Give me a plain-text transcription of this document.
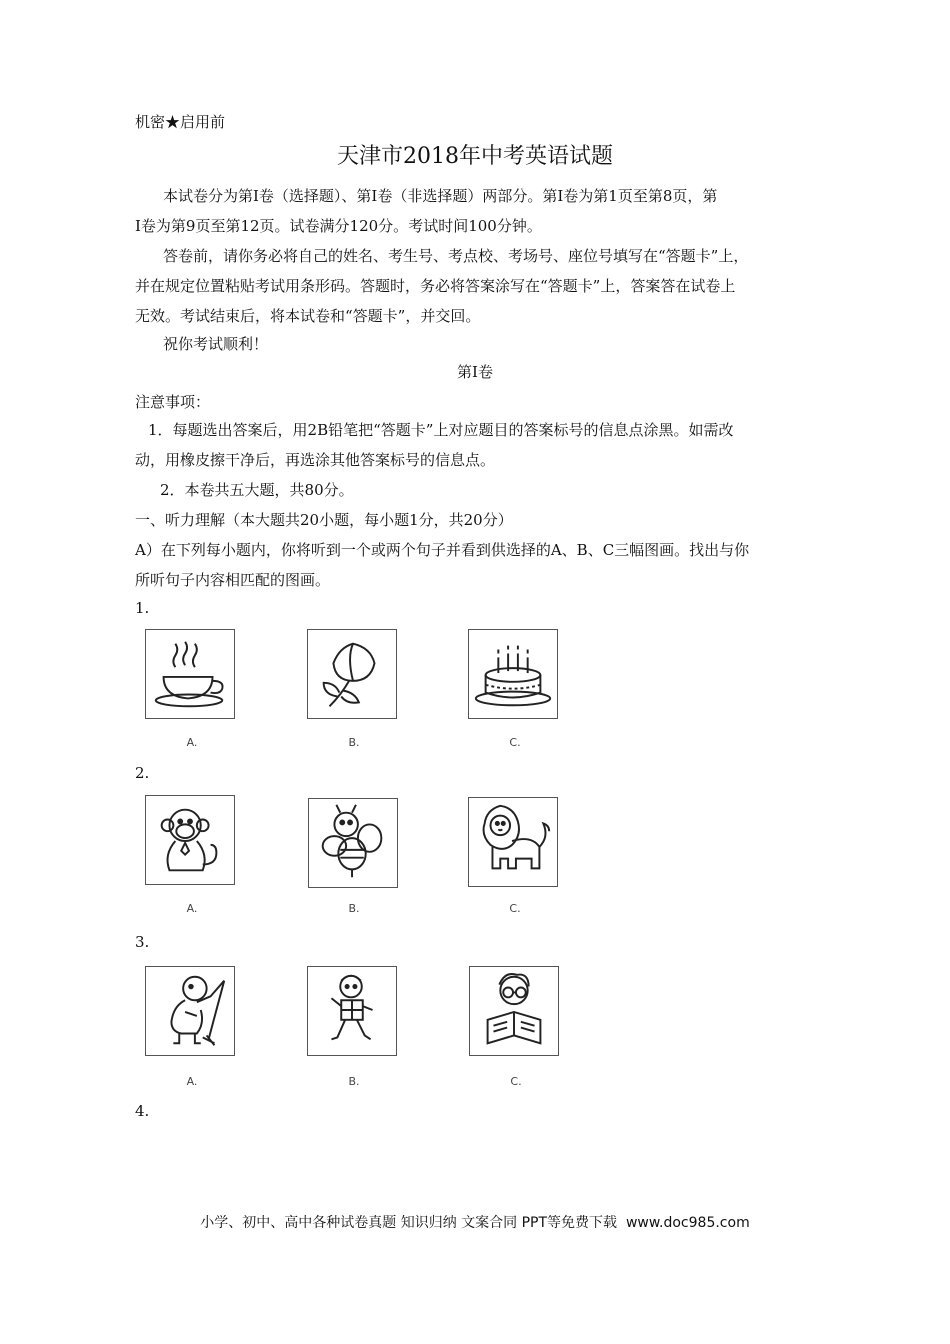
机密★启用前
天津市2018年中考英语试题
本试卷分为第Ⅰ卷（选择题）、第Ⅰ卷（非选择题）两部分。第Ⅰ卷为第1页至第8页，第
Ⅰ卷为第9页至第12页。试卷满分120分。考试时间100分钟。
答卷前，请你务必将自己的姓名、考生号、考点校、考场号、座位号填写在“答题卡”上，
并在规定位置粘贴考试用条形码。答题时，务必将答案涂写在“答题卡”上，答案答在试卷上
无效。考试结束后，将本试卷和“答题卡”，并交回。
祝你考试顺利！
第Ⅰ卷
注意事项：
1．每题选出答案后，用2B铅笔把“答题卡”上对应题目的答案标号的信息点涂黑。如需改
动，用橡皮擦干净后，再选涂其他答案标号的信息点。
2．本卷共五大题，共80分。
一、听力理解（本大题共20小题，每小题1分，共20分）
A）在下列每小题内，你将听到一个或两个句子并看到供选择的A、B、C三幅图画。找出与你
所听句子内容相匹配的图画。
1.
A.	B.	C.
2.
A.	B.	C.
3.
A.	B.	C.
4.
小学、初中、高中各种试卷真题 知识归纳 文案合同 PPT等免费下载 www.doc985.com
